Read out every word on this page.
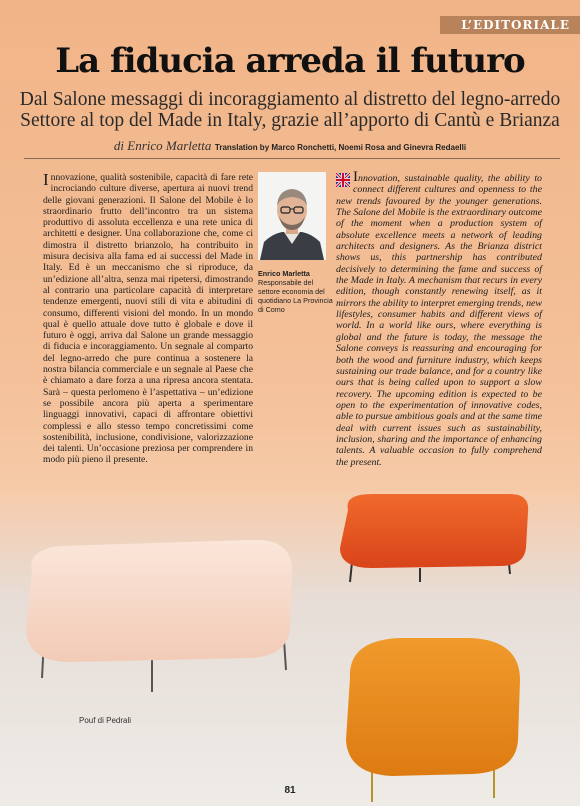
L’EDITORIALE
La fiducia arreda il futuro
Dal Salone messaggi di incoraggiamento al distretto del legno-arredo
Settore al top del Made in Italy, grazie all’apporto di Cantù e Brianza
di Enrico Marletta Translation by Marco Ronchetti, Noemi Rosa and Ginevra Redaelli

Innovazione, qualità sostenibile, capacità di fare rete incrociando culture diverse, apertura ai nuovi trend delle giovani generazioni. Il Salone del Mobile è lo straordinario frutto dell’incontro tra un sistema produttivo di assoluta eccellenza e una rete unica di architetti e designer. Una collaborazione che, come ci dimostra il distretto brianzolo, ha contribuito in misura decisiva alla fama ed ai successi del Made in Italy. Ed è un meccanismo che si riproduce, da un’edizione all’altra, senza mai ripetersi, dimostrando al contrario una particolare capacità di interpretare tendenze emergenti, nuovi stili di vita e abitudini di consumo, differenti visioni del mondo. In un mondo qual è quello attuale dove tutto è globale e dove il futuro è oggi, arriva dal Salone un grande messaggio di fiducia e incoraggiamento. Un segnale al comparto del legno-arredo che pure continua a sostenere la nostra bilancia commerciale e un segnale al Paese che è chiamato a dare forza a una ripresa ancora stentata. Sarà – questa perlomeno è l’aspettativa – un’edizione se possibile ancora più aperta a sperimentare linguaggi innovativi, capaci di affrontare obiettivi complessi e allo stesso tempo concretissimi come sostenibilità, inclusione, condivisione, valorizzazione dei talenti. Un’occasione preziosa per comprendere in modo più pieno il presente.

Enrico Marletta
Responsabile del settore economia del quotidiano La Provincia di Como

Innovation, sustainable quality, the ability to connect different cultures and openness to the new trends favoured by the younger generations. The Salone del Mobile is the extraordinary outcome of the moment when a production system of absolute excellence meets a network of leading architects and designers. As the Brianza district shows us, this partnership has contributed decisively to determining the fame and success of the Made in Italy. A mechanism that recurs in every edition, though constantly renewing itself, as it mirrors the ability to interpret emerging trends, new lifestyles, consumer habits and different views of world. In a world like ours, where everything is global and the future is today, the message the Salone conveys is reassuring and encouraging for both the wood and furniture industry, which keeps sustaining our trade balance, and for a country like ours that is being called upon to support a slow recovery. The upcoming edition is expected to be open to the experimentation of innovative codes, able to pursue ambitious goals and at the same time deal with current issues such as sustainability, inclusion, sharing and the importance of enhancing talents. A valuable occasion to fully comprehend the present.

Pouf di Pedrali
81
